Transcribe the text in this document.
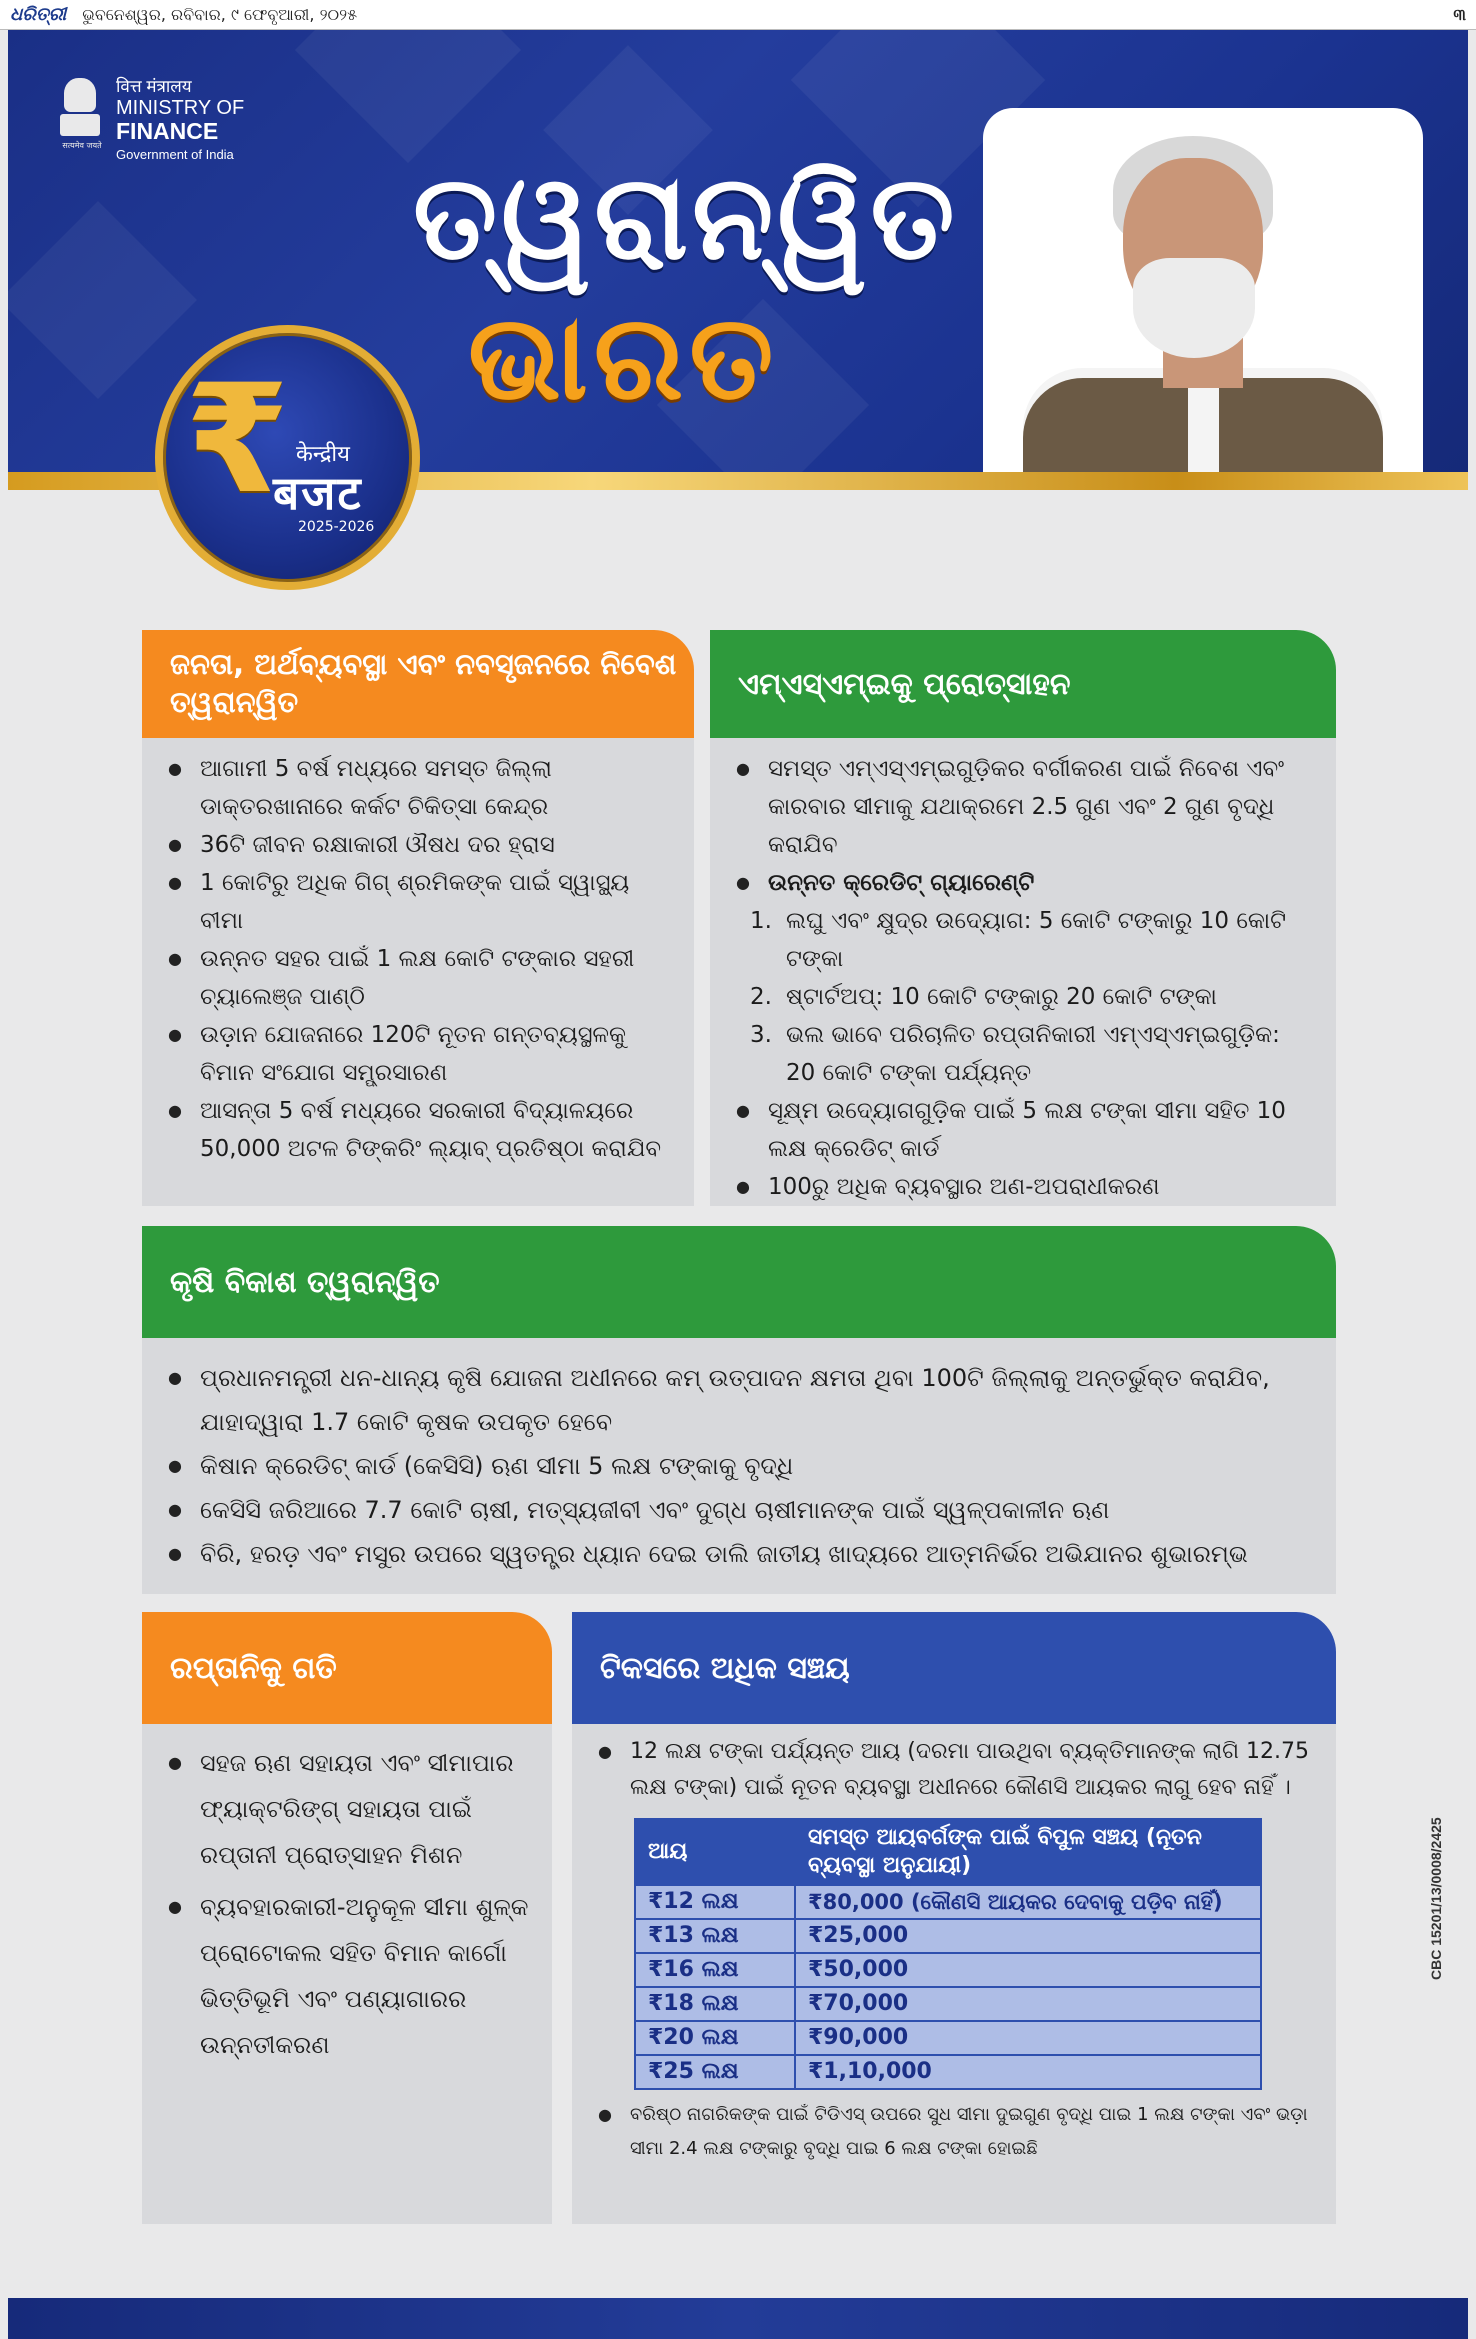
ଧରିତ୍ରୀ ଭୁବନେଶ୍ୱର, ରବିବାର, ୯ ଫେବୃଆରୀ, ୨୦୨୫	୩
सत्यमेव जयते
वित्त मंत्रालय
MINISTRY OF
FINANCE
Government of India ତ୍ୱରାନ୍ୱିତ
ଭାରତ
₹ केन्द्रीय
बजट
2025-2026
ଜନତା, ଅର୍ଥବ୍ୟବସ୍ଥା ଏବଂ ନବସୃଜନରେ ନିବେଶ ତ୍ୱରାନ୍ୱିତ
● ଆଗାମୀ 5 ବର୍ଷ ମଧ୍ୟରେ ସମସ୍ତ ଜିଲ୍ଲା ଡାକ୍ତରଖାନାରେ କର୍କଟ ଚିକିତ୍ସା କେନ୍ଦ୍ର
● 36ଟି ଜୀବନ ରକ୍ଷାକାରୀ ଔଷଧ ଦର ହ୍ରାସ
● 1 କୋଟିରୁ ଅଧିକ ଗିଗ୍ ଶ୍ରମିକଙ୍କ ପାଇଁ ସ୍ୱାସ୍ଥ୍ୟ ବୀମା
● ଉନ୍ନତ ସହର ପାଇଁ 1 ଲକ୍ଷ କୋଟି ଟଙ୍କାର ସହରୀ ଚ୍ୟାଲେଞ୍ଜ ପାଣ୍ଠି
● ଉଡ଼ାନ ଯୋଜନାରେ 120ଟି ନୂତନ ଗନ୍ତବ୍ୟସ୍ଥଳକୁ ବିମାନ ସଂଯୋଗ ସମ୍ପ୍ରସାରଣ
● ଆସନ୍ତା 5 ବର୍ଷ ମଧ୍ୟରେ ସରକାରୀ ବିଦ୍ୟାଳୟରେ 50,000 ଅଟଳ ଟିଙ୍କରିଂ ଲ୍ୟାବ୍ ପ୍ରତିଷ୍ଠା କରାଯିବ
ଏମ୍ଏସ୍ଏମ୍ଇକୁ ପ୍ରୋତ୍ସାହନ
● ସମସ୍ତ ଏମ୍ଏସ୍ଏମ୍ଇଗୁଡ଼ିକର ବର୍ଗୀକରଣ ପାଇଁ ନିବେଶ ଏବଂ କାରବାର ସୀମାକୁ ଯଥାକ୍ରମେ 2.5 ଗୁଣ ଏବଂ 2 ଗୁଣ ବୃଦ୍ଧି କରାଯିବ
● ଉନ୍ନତ କ୍ରେଡିଟ୍ ଗ୍ୟାରେଣ୍ଟି
1. ଲଘୁ ଏବଂ କ୍ଷୁଦ୍ର ଉଦ୍ୟୋଗ: 5 କୋଟି ଟଙ୍କାରୁ 10 କୋଟି ଟଙ୍କା
2. ଷ୍ଟାର୍ଟଅପ୍: 10 କୋଟି ଟଙ୍କାରୁ 20 କୋଟି ଟଙ୍କା
3. ଭଲ ଭାବେ ପରିଚାଳିତ ରପ୍ତାନିକାରୀ ଏମ୍ଏସ୍ଏମ୍ଇଗୁଡ଼ିକ: 20 କୋଟି ଟଙ୍କା ପର୍ଯ୍ୟନ୍ତ
● ସୂକ୍ଷ୍ମ ଉଦ୍ୟୋଗଗୁଡ଼ିକ ପାଇଁ 5 ଲକ୍ଷ ଟଙ୍କା ସୀମା ସହିତ 10 ଲକ୍ଷ କ୍ରେଡିଟ୍ କାର୍ଡ
● 100ରୁ ଅଧିକ ବ୍ୟବସ୍ଥାର ଅଣ-ଅପରାଧୀକରଣ
କୃଷି ବିକାଶ ତ୍ୱରାନ୍ୱିତ
● ପ୍ରଧାନମନ୍ତ୍ରୀ ଧନ-ଧାନ୍ୟ କୃଷି ଯୋଜନା ଅଧୀନରେ କମ୍ ଉତ୍ପାଦନ କ୍ଷମତା ଥିବା 100ଟି ଜିଲ୍ଲାକୁ ଅନ୍ତର୍ଭୁକ୍ତ କରାଯିବ, ଯାହାଦ୍ୱାରା 1.7 କୋଟି କୃଷକ ଉପକୃତ ହେବେ
● କିଷାନ କ୍ରେଡିଟ୍ କାର୍ଡ (କେସିସି) ଋଣ ସୀମା 5 ଲକ୍ଷ ଟଙ୍କାକୁ ବୃଦ୍ଧି
● କେସିସି ଜରିଆରେ 7.7 କୋଟି ଚାଷୀ, ମତ୍ସ୍ୟଜୀବୀ ଏବଂ ଦୁଗ୍ଧ ଚାଷୀମାନଙ୍କ ପାଇଁ ସ୍ୱଳ୍ପକାଳୀନ ଋଣ
● ବିରି, ହରଡ଼ ଏବଂ ମସୁର ଉପରେ ସ୍ୱତନ୍ତ୍ର ଧ୍ୟାନ ଦେଇ ଡାଲି ଜାତୀୟ ଖାଦ୍ୟରେ ଆତ୍ମନିର୍ଭର ଅଭିଯାନର ଶୁଭାରମ୍ଭ
ରପ୍ତାନିକୁ ଗତି
● ସହଜ ଋଣ ସହାୟତା ଏବଂ ସୀମାପାର ଫ୍ୟାକ୍ଟରିଙ୍ଗ୍ ସହାୟତା ପାଇଁ ରପ୍ତାନୀ ପ୍ରୋତ୍ସାହନ ମିଶନ
● ବ୍ୟବହାରକାରୀ-ଅନୁକୂଳ ସୀମା ଶୁଳ୍କ ପ୍ରୋଟୋକଲ ସହିତ ବିମାନ କାର୍ଗୋ ଭିତ୍ତିଭୂମି ଏବଂ ପଣ୍ୟାଗାରର ଉନ୍ନତୀକରଣ
ଟିକସରେ ଅଧିକ ସଞ୍ଚୟ
● 12 ଲକ୍ଷ ଟଙ୍କା ପର୍ଯ୍ୟନ୍ତ ଆୟ (ଦରମା ପାଉଥିବା ବ୍ୟକ୍ତିମାନଙ୍କ ଲାଗି 12.75 ଲକ୍ଷ ଟଙ୍କା) ପାଇଁ ନୂତନ ବ୍ୟବସ୍ଥା ଅଧୀନରେ କୌଣସି ଆୟକର ଲାଗୁ ହେବ ନାହିଁ ।
ଆୟ	ସମସ୍ତ ଆୟବର୍ଗଙ୍କ ପାଇଁ ବିପୁଳ ସଞ୍ଚୟ (ନୂତନ ବ୍ୟବସ୍ଥା ଅନୁଯାୟୀ)
₹12 ଲକ୍ଷ	₹80,000 (କୌଣସି ଆୟକର ଦେବାକୁ ପଡ଼ିବ ନାହିଁ)
₹13 ଲକ୍ଷ	₹25,000
₹16 ଲକ୍ଷ	₹50,000
₹18 ଲକ୍ଷ	₹70,000
₹20 ଲକ୍ଷ	₹90,000
₹25 ଲକ୍ଷ	₹1,10,000
● ବରିଷ୍ଠ ନାଗରିକଙ୍କ ପାଇଁ ଟିଡିଏସ୍ ଉପରେ ସୁଧ ସୀମା ଦୁଇଗୁଣ ବୃଦ୍ଧି ପାଇ 1 ଲକ୍ଷ ଟଙ୍କା ଏବଂ ଭଡ଼ା ସୀମା 2.4 ଲକ୍ଷ ଟଙ୍କାରୁ ବୃଦ୍ଧି ପାଇ 6 ଲକ୍ଷ ଟଙ୍କା ହୋଇଛି
CBC 15201/13/0008/2425
